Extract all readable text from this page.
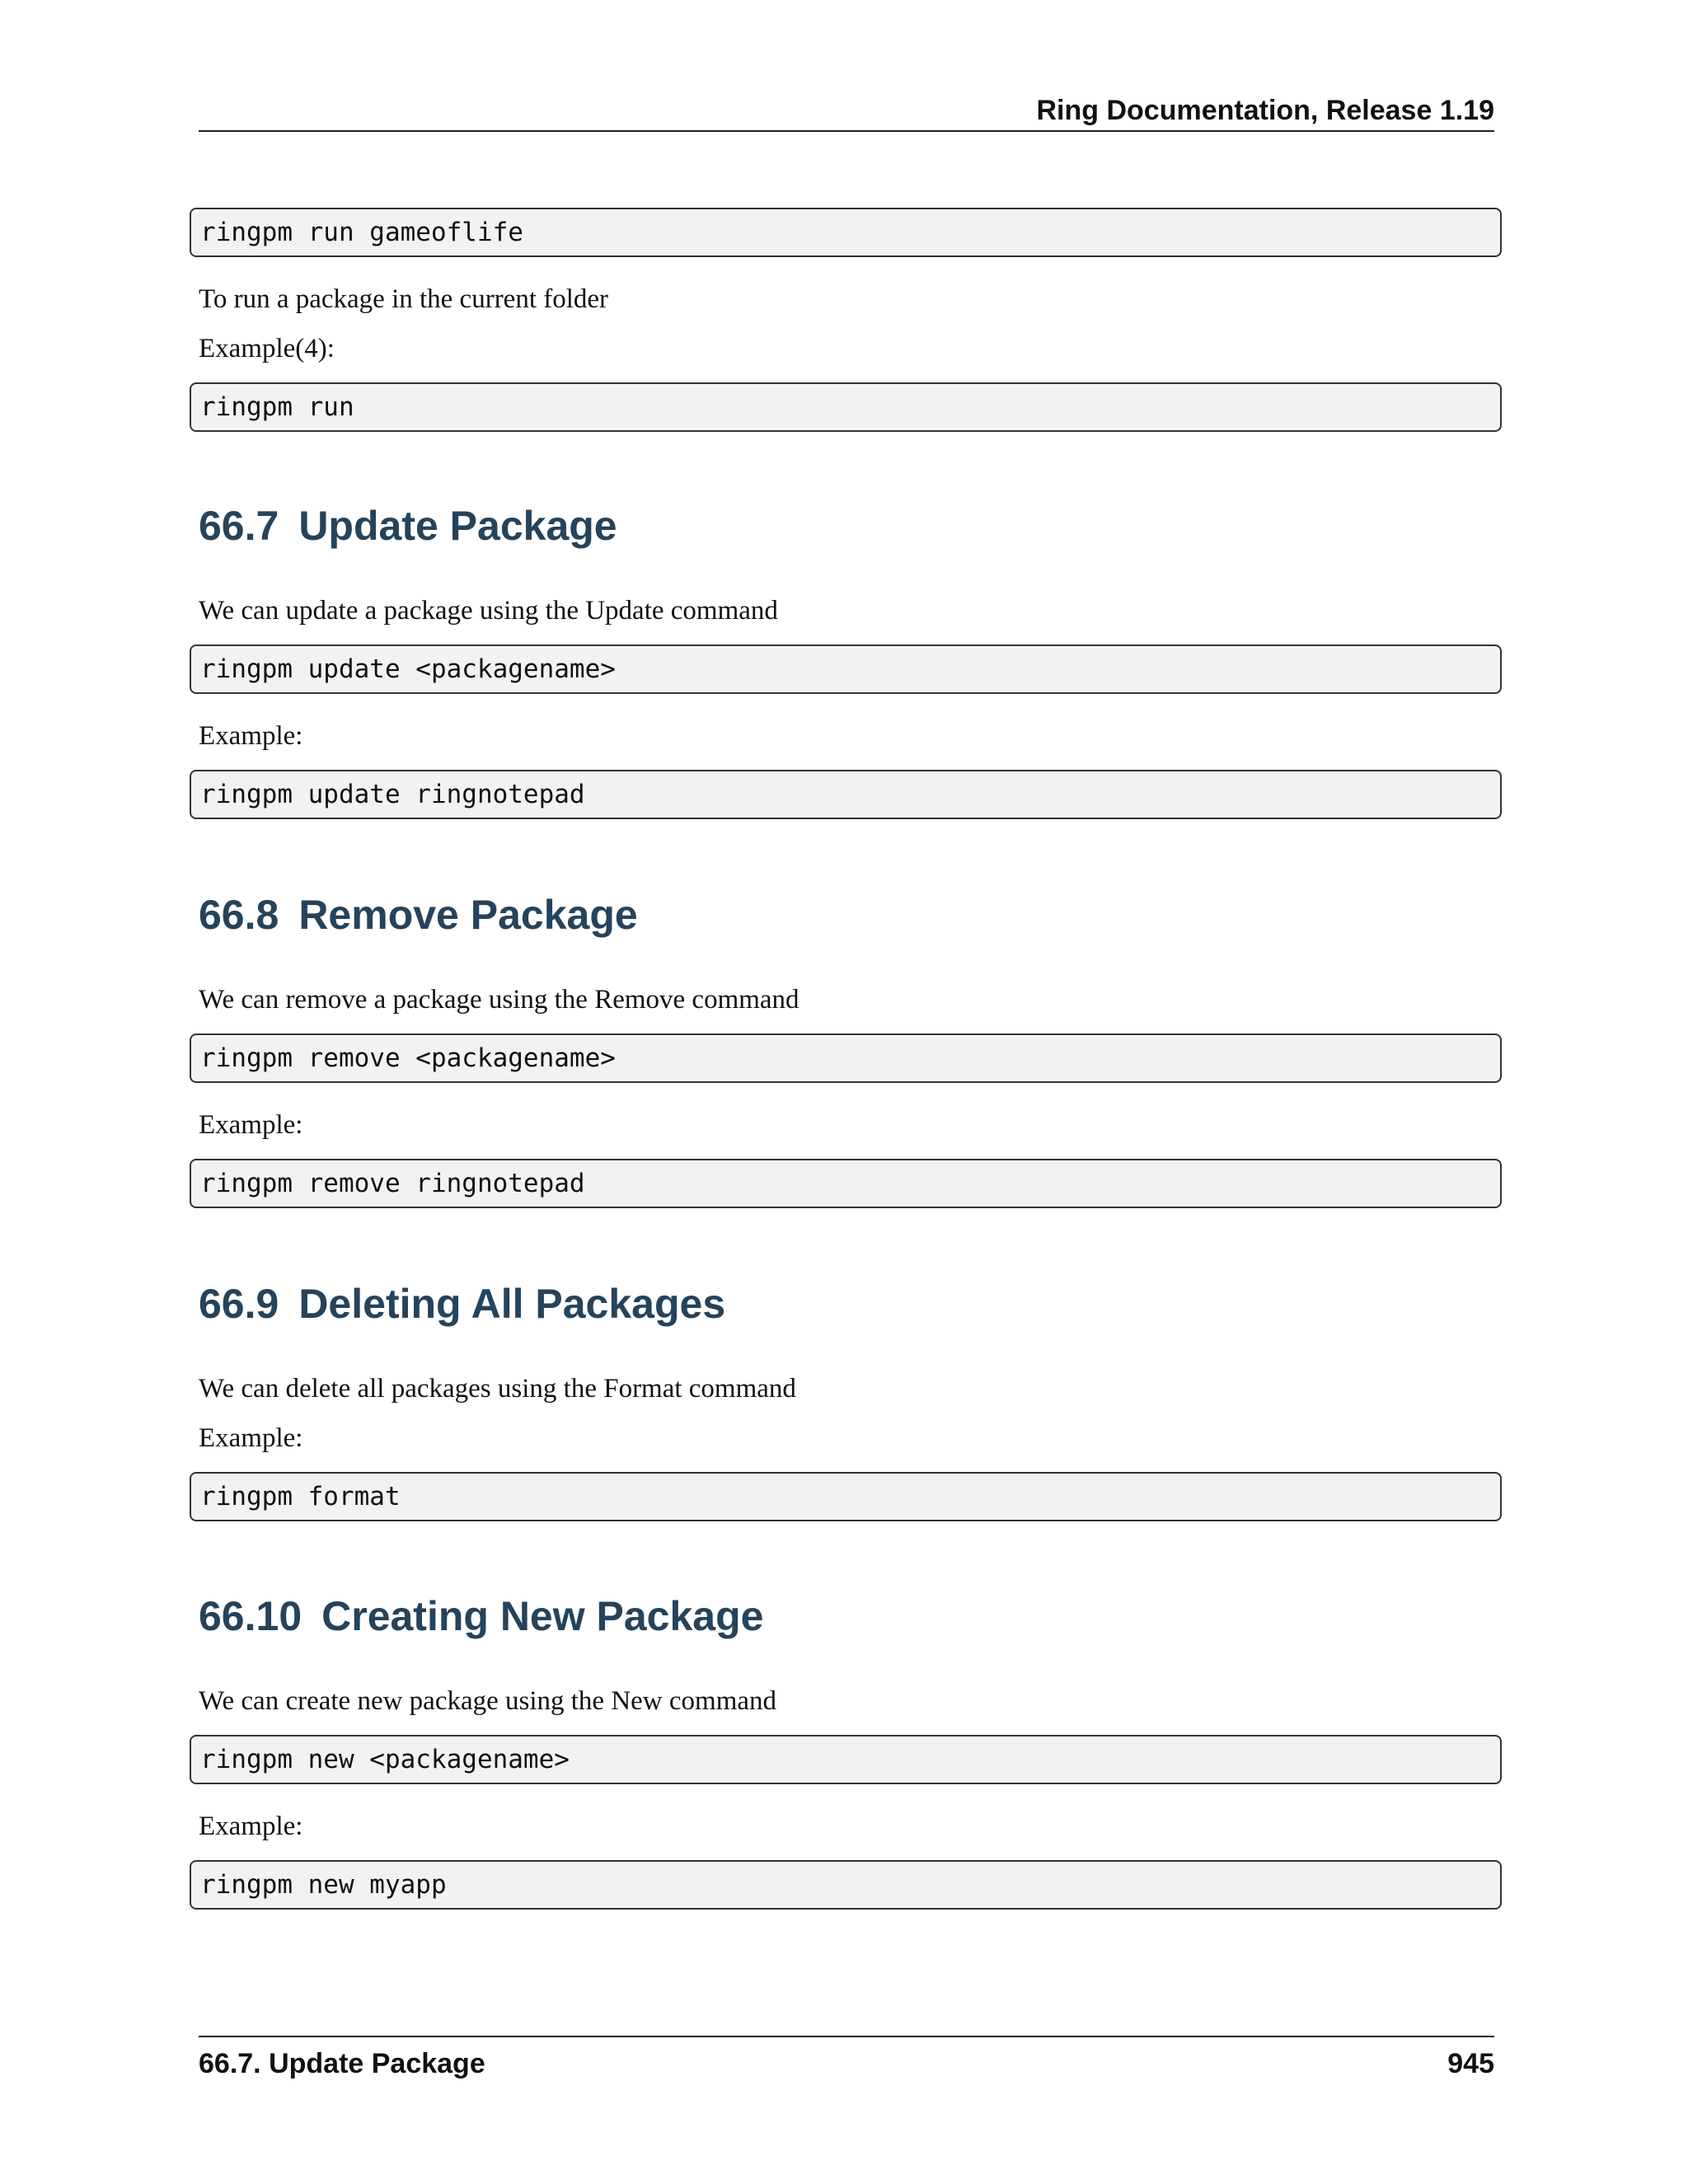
Ring Documentation, Release 1.19
ringpm run gameoflife
To run a package in the current folder
Example(4):
ringpm run
66.7 Update Package
We can update a package using the Update command
ringpm update <packagename>
Example:
ringpm update ringnotepad
66.8 Remove Package
We can remove a package using the Remove command
ringpm remove <packagename>
Example:
ringpm remove ringnotepad
66.9 Deleting All Packages
We can delete all packages using the Format command
Example:
ringpm format
66.10 Creating New Package
We can create new package using the New command
ringpm new <packagename>
Example:
ringpm new myapp
66.7. Update Package	945
